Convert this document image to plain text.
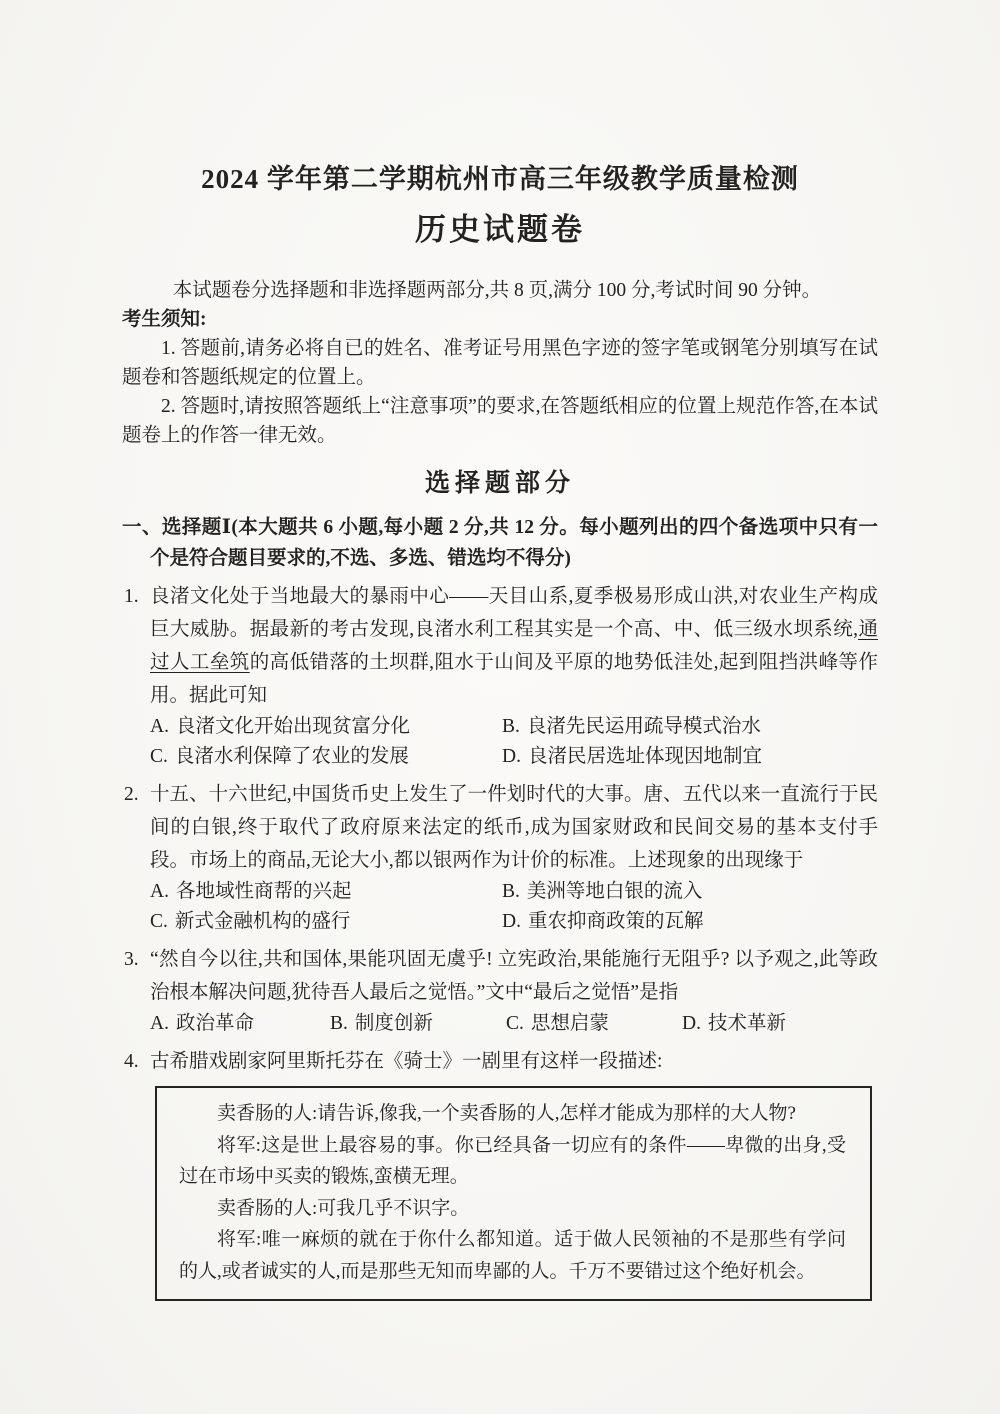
2024 学年第二学期杭州市高三年级教学质量检测
历史试题卷

本试题卷分选择题和非选择题两部分,共 8 页,满分 100 分,考试时间 90 分钟。

考生须知:

1. 答题前,请务必将自已的姓名、准考证号用黑色字迹的签字笔或钢笔分别填写在试题卷和答题纸规定的位置上。

2. 答题时,请按照答题纸上“注意事项”的要求,在答题纸相应的位置上规范作答,在本试题卷上的作答一律无效。

选择题部分

一、选择题Ⅰ(本大题共 6 小题,每小题 2 分,共 12 分。每小题列出的四个备选项中只有一个是符合题目要求的,不选、多选、错选均不得分)

1. 良渚文化处于当地最大的暴雨中心——天目山系,夏季极易形成山洪,对农业生产构成巨大威胁。据最新的考古发现,良渚水利工程其实是一个高、中、低三级水坝系统,通过人工垒筑的高低错落的土坝群,阻水于山间及平原的地势低洼处,起到阻挡洪峰等作用。据此可知

A. 良渚文化开始出现贫富分化	B. 良渚先民运用疏导模式治水
C. 良渚水利保障了农业的发展	D. 良渚民居选址体现因地制宜

2. 十五、十六世纪,中国货币史上发生了一件划时代的大事。唐、五代以来一直流行于民间的白银,终于取代了政府原来法定的纸币,成为国家财政和民间交易的基本支付手段。市场上的商品,无论大小,都以银两作为计价的标准。上述现象的出现缘于

A. 各地域性商帮的兴起	B. 美洲等地白银的流入
C. 新式金融机构的盛行	D. 重农抑商政策的瓦解

3. “然自今以往,共和国体,果能巩固无虞乎! 立宪政治,果能施行无阻乎? 以予观之,此等政治根本解决问题,犹待吾人最后之觉悟。”文中“最后之觉悟”是指

A. 政治革命	B. 制度创新	C. 思想启蒙	D. 技术革新

4. 古希腊戏剧家阿里斯托芬在《骑士》一剧里有这样一段描述:

卖香肠的人:请告诉,像我,一个卖香肠的人,怎样才能成为那样的大人物?

将军:这是世上最容易的事。你已经具备一切应有的条件——卑微的出身,受过在市场中买卖的锻炼,蛮横无理。

卖香肠的人:可我几乎不识字。

将军:唯一麻烦的就在于你什么都知道。适于做人民领袖的不是那些有学问的人,或者诚实的人,而是那些无知而卑鄙的人。千万不要错过这个绝好机会。
